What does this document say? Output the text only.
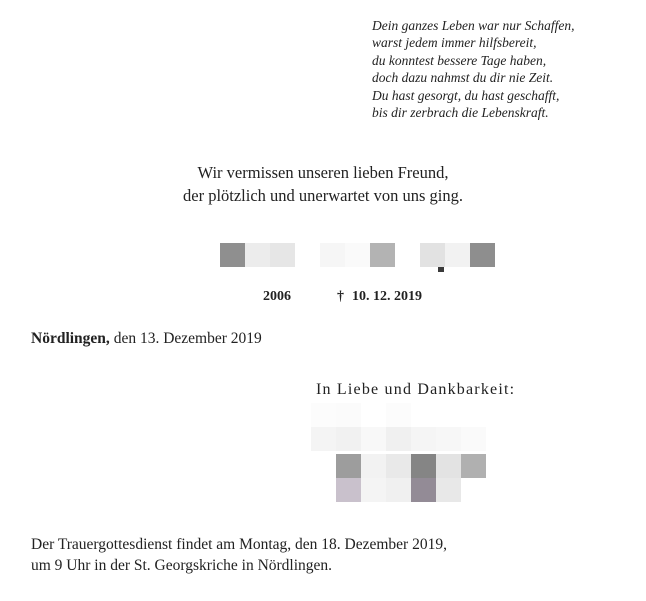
Dein ganzes Leben war nur Schaffen,
warst jedem immer hilfsbereit,
du konntest bessere Tage haben,
doch dazu nahmst du dir nie Zeit.
Du hast gesorgt, du hast geschafft,
bis dir zerbrach die Lebenskraft.
Wir vermissen unseren lieben Freund,
der plötzlich und unerwartet von uns ging.
2006	† 10. 12. 2019
Nördlingen, den 13. Dezember 2019
In Liebe und Dankbarkeit:
Der Trauergottesdienst findet am Montag, den 18. Dezember 2019,
um 9 Uhr in der St. Georgskriche in Nördlingen.
